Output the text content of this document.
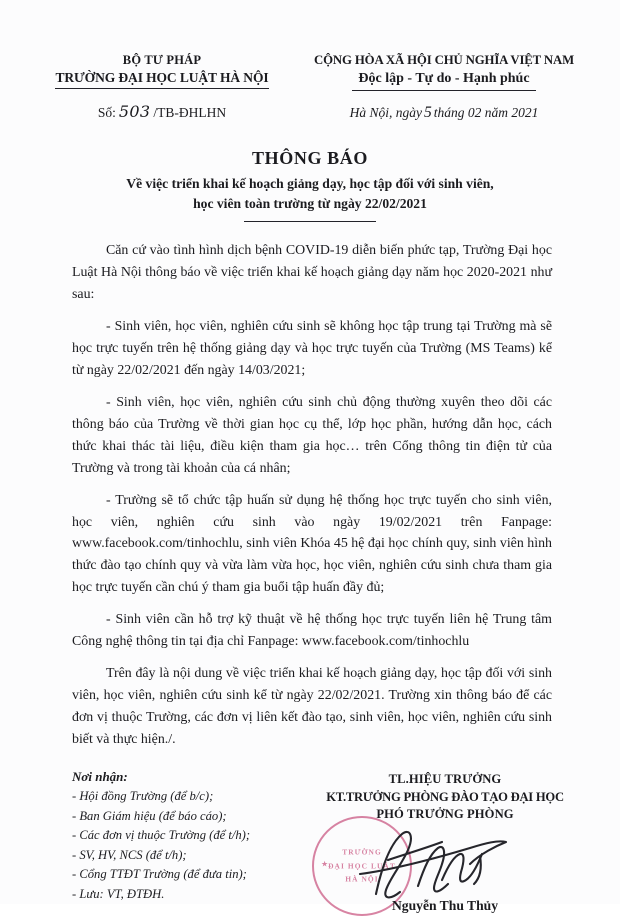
BỘ TƯ PHÁP
TRƯỜNG ĐẠI HỌC LUẬT HÀ NỘI
Số: 503 /TB-ĐHLHN
CỘNG HÒA XÃ HỘI CHỦ NGHĨA VIỆT NAM
Độc lập - Tự do - Hạnh phúc
Hà Nội, ngày 5 tháng 02 năm 2021
THÔNG BÁO
Về việc triển khai kế hoạch giảng dạy, học tập đối với sinh viên,
học viên toàn trường từ ngày 22/02/2021

Căn cứ vào tình hình dịch bệnh COVID-19 diễn biến phức tạp, Trường Đại học Luật Hà Nội thông báo về việc triển khai kế hoạch giảng dạy năm học 2020-2021 như sau:

- Sinh viên, học viên, nghiên cứu sinh sẽ không học tập trung tại Trường mà sẽ học trực tuyến trên hệ thống giảng dạy và học trực tuyến của Trường (MS Teams) kể từ ngày 22/02/2021 đến ngày 14/03/2021;

- Sinh viên, học viên, nghiên cứu sinh chủ động thường xuyên theo dõi các thông báo của Trường về thời gian học cụ thể, lớp học phần, hướng dẫn học, cách thức khai thác tài liệu, điều kiện tham gia học… trên Cổng thông tin điện tử của Trường và trong tài khoản của cá nhân;

- Trường sẽ tổ chức tập huấn sử dụng hệ thống học trực tuyến cho sinh viên, học viên, nghiên cứu sinh vào ngày 19/02/2021 trên Fanpage: www.facebook.com/tinhochlu, sinh viên Khóa 45 hệ đại học chính quy, sinh viên hình thức đào tạo chính quy và vừa làm vừa học, học viên, nghiên cứu sinh chưa tham gia học trực tuyến cần chú ý tham gia buổi tập huấn đầy đủ;

- Sinh viên cần hỗ trợ kỹ thuật về hệ thống học trực tuyến liên hệ Trung tâm Công nghệ thông tin tại địa chỉ Fanpage: www.facebook.com/tinhochlu

Trên đây là nội dung về việc triển khai kế hoạch giảng dạy, học tập đối với sinh viên, học viên, nghiên cứu sinh kể từ ngày 22/02/2021. Trường xin thông báo để các đơn vị thuộc Trường, các đơn vị liên kết đào tạo, sinh viên, học viên, nghiên cứu sinh biết và thực hiện./.

Nơi nhận:
- Hội đồng Trường (để b/c);
- Ban Giám hiệu (để báo cáo);
- Các đơn vị thuộc Trường (để t/h);
- SV, HV, NCS (để t/h);
- Cổng TTĐT Trường (để đưa tin);
- Lưu: VT, ĐTĐH.
TL.HIỆU TRƯỞNG
KT.TRƯỞNG PHÒNG ĐÀO TẠO ĐẠI HỌC
PHÓ TRƯỞNG PHÒNG
★
TRƯỜNG
ĐẠI HỌC LUẬT
HÀ NỘI
Nguyễn Thu Thủy
